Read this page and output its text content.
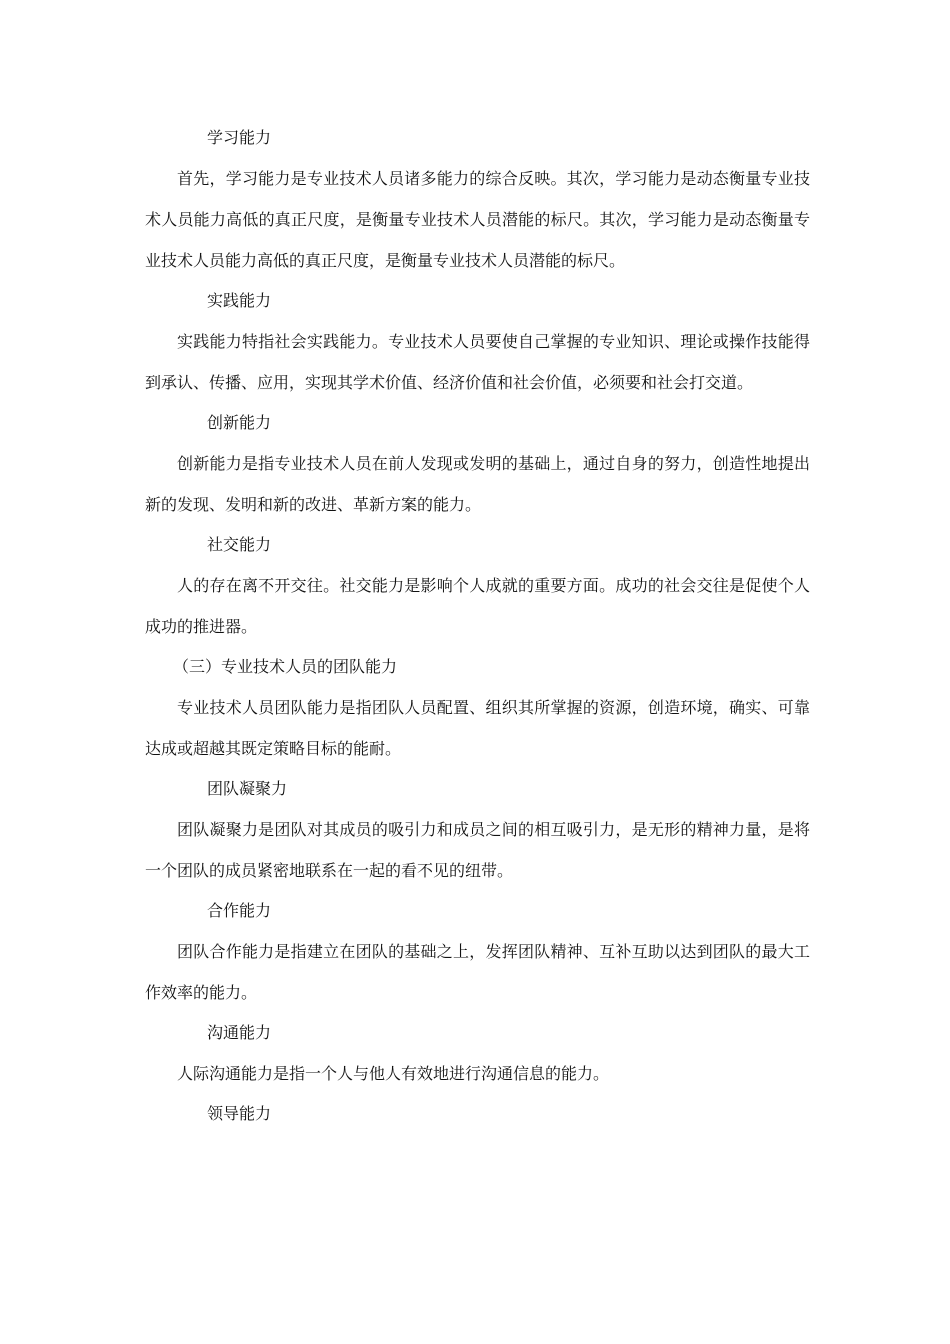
学习能力

首先，学习能力是专业技术人员诸多能力的综合反映。其次，学习能力是动态衡量专业技术人员能力高低的真正尺度，是衡量专业技术人员潜能的标尺。其次，学习能力是动态衡量专业技术人员能力高低的真正尺度，是衡量专业技术人员潜能的标尺。

实践能力

实践能力特指社会实践能力。专业技术人员要使自己掌握的专业知识、理论或操作技能得到承认、传播、应用，实现其学术价值、经济价值和社会价值，必须要和社会打交道。

创新能力

创新能力是指专业技术人员在前人发现或发明的基础上，通过自身的努力，创造性地提出新的发现、发明和新的改进、革新方案的能力。

社交能力

人的存在离不开交往。社交能力是影响个人成就的重要方面。成功的社会交往是促使个人成功的推进器。

（三）专业技术人员的团队能力

专业技术人员团队能力是指团队人员配置、组织其所掌握的资源，创造环境，确实、可靠达成或超越其既定策略目标的能耐。

团队凝聚力

团队凝聚力是团队对其成员的吸引力和成员之间的相互吸引力，是无形的精神力量，是将一个团队的成员紧密地联系在一起的看不见的纽带。

合作能力

团队合作能力是指建立在团队的基础之上，发挥团队精神、互补互助以达到团队的最大工作效率的能力。

沟通能力

人际沟通能力是指一个人与他人有效地进行沟通信息的能力。

领导能力
